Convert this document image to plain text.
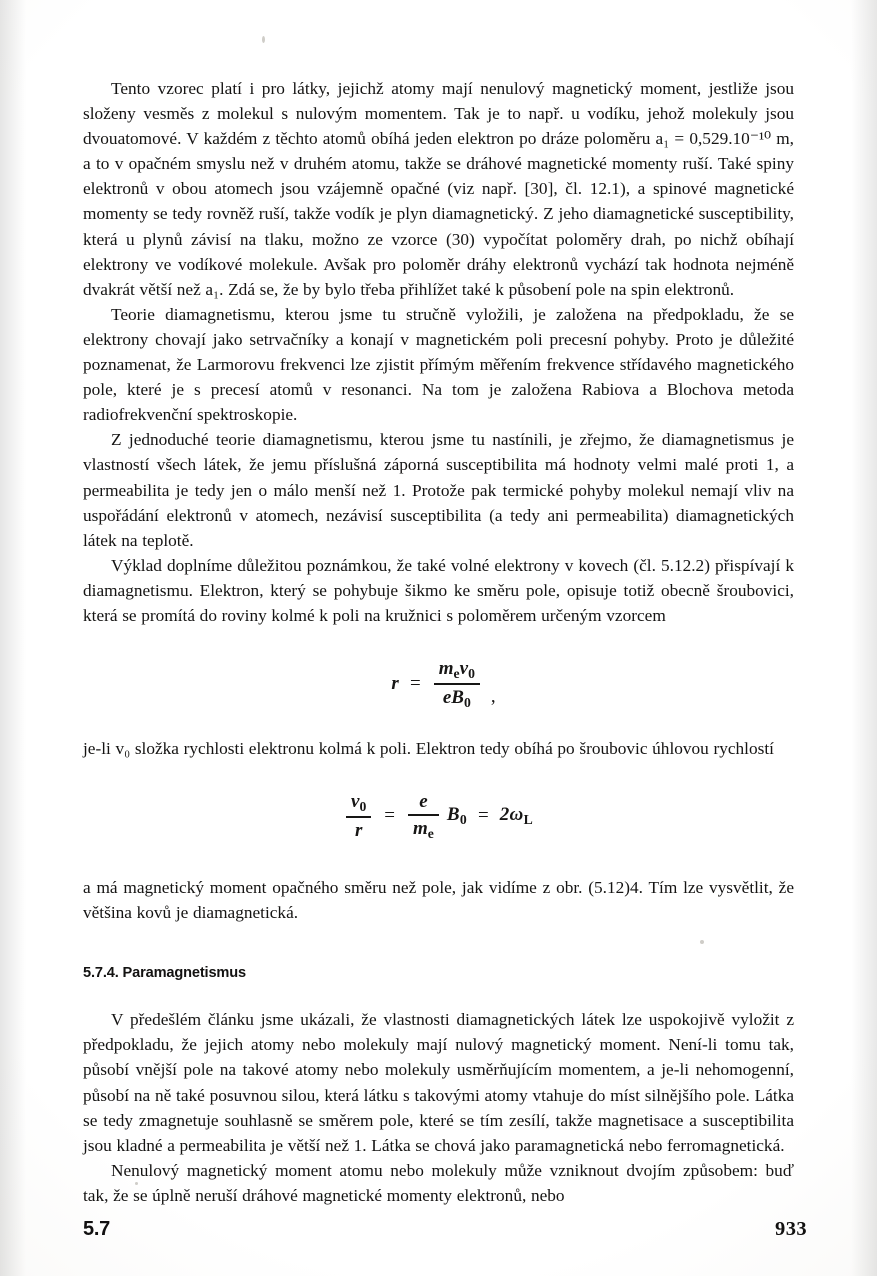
Tento vzorec platí i pro látky, jejichž atomy mají nenulový magnetický moment, jestliže jsou složeny vesměs z molekul s nulovým momentem. Tak je to např. u vodíku, jehož molekuly jsou dvouatomové. V každém z těchto atomů obíhá jeden elektron po dráze poloměru a₁ = 0,529.10⁻¹⁰ m, a to v opačném smyslu než v druhém atomu, takže se dráhové magnetické momenty ruší. Také spiny elektronů v obou atomech jsou vzájemně opačné (viz např. [30], čl. 12.1), a spinové magnetické momenty se tedy rovněž ruší, takže vodík je plyn diamagnetický. Z jeho diamagnetické susceptibility, která u plynů závisí na tlaku, možno ze vzorce (30) vypočítat poloměry drah, po nichž obíhají elektrony ve vodíkové molekule. Avšak pro poloměr dráhy elektronů vychází tak hodnota nejméně dvakrát větší než a₁. Zdá se, že by bylo třeba přihlížet také k působení pole na spin elektronů.

Teorie diamagnetismu, kterou jsme tu stručně vyložili, je založena na předpokladu, že se elektrony chovají jako setrvačníky a konají v magnetickém poli precesní pohyby. Proto je důležité poznamenat, že Larmorovu frekvenci lze zjistit přímým měřením frekvence střídavého magnetického pole, které je s precesí atomů v resonanci. Na tom je založena Rabiova a Blochova metoda radiofrekvenční spektroskopie.

Z jednoduché teorie diamagnetismu, kterou jsme tu nastínili, je zřejmo, že diamagnetismus je vlastností všech látek, že jemu příslušná záporná susceptibilita má hodnoty velmi malé proti 1, a permeabilita je tedy jen o málo menší než 1. Protože pak termické pohyby molekul nemají vliv na uspořádání elektronů v atomech, nezávisí susceptibilita (a tedy ani permeabilita) diamagnetických látek na teplotě.

Výklad doplníme důležitou poznámkou, že také volné elektrony v kovech (čl. 5.12.2) přispívají k diamagnetismu. Elektron, který se pohybuje šikmo ke směru pole, opisuje totiž obecně šroubovici, která se promítá do roviny kolmé k poli na kružnici s poloměrem určeným vzorcem

$r = \frac{m_ev_0}{eB_0}$ ,

je-li v₀ složka rychlosti elektronu kolmá k poli. Elektron tedy obíhá po šroubovic úhlovou rychlostí

$\frac{v_0}{r} = \frac{e}{m_e} B_0 = 2\omega_L$

a má magnetický moment opačného směru než pole, jak vidíme z obr. (5.12)4. Tím lze vysvětlit, že většina kovů je diamagnetická.

5.7.4. Paramagnetismus

V předešlém článku jsme ukázali, že vlastnosti diamagnetických látek lze uspokojivě vyložit z předpokladu, že jejich atomy nebo molekuly mají nulový magnetický moment. Není-li tomu tak, působí vnější pole na takové atomy nebo molekuly usměrňujícím momentem, a je-li nehomogenní, působí na ně také posuvnou silou, která látku s takovými atomy vtahuje do míst silnějšího pole. Látka se tedy zmagnetuje souhlasně se směrem pole, které se tím zesílí, takže magnetisace a susceptibilita jsou kladné a permeabilita je větší než 1. Látka se chová jako paramagnetická nebo ferromagnetická.

Nenulový magnetický moment atomu nebo molekuly může vzniknout dvojím způsobem: buď tak, že se úplně neruší dráhové magnetické momenty elektronů, nebo

5.7	933
